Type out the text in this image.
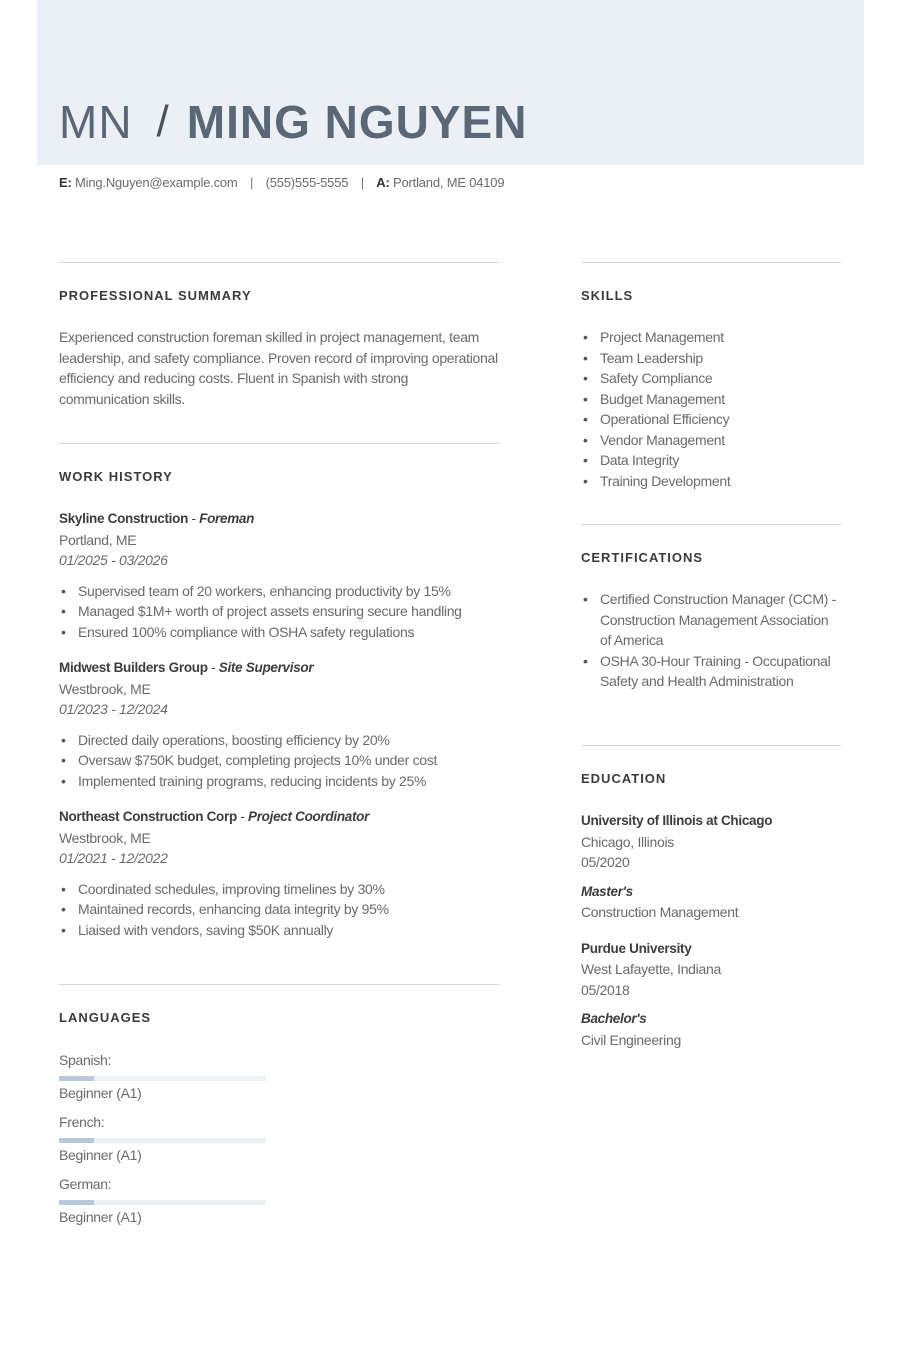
MN / MING NGUYEN
E: Ming.Nguyen@example.com | (555)555-5555 | A: Portland, ME 04109
PROFESSIONAL SUMMARY
Experienced construction foreman skilled in project management, team leadership, and safety compliance. Proven record of improving operational efficiency and reducing costs. Fluent in Spanish with strong communication skills.
WORK HISTORY
Skyline Construction - Foreman
Portland, ME
01/2025 - 03/2026
• Supervised team of 20 workers, enhancing productivity by 15%
• Managed $1M+ worth of project assets ensuring secure handling
• Ensured 100% compliance with OSHA safety regulations
Midwest Builders Group - Site Supervisor
Westbrook, ME
01/2023 - 12/2024
• Directed daily operations, boosting efficiency by 20%
• Oversaw $750K budget, completing projects 10% under cost
• Implemented training programs, reducing incidents by 25%
Northeast Construction Corp - Project Coordinator
Westbrook, ME
01/2021 - 12/2022
• Coordinated schedules, improving timelines by 30%
• Maintained records, enhancing data integrity by 95%
• Liaised with vendors, saving $50K annually
LANGUAGES
Spanish:
Beginner (A1)
French:
Beginner (A1)
German:
Beginner (A1)
SKILLS
• Project Management
• Team Leadership
• Safety Compliance
• Budget Management
• Operational Efficiency
• Vendor Management
• Data Integrity
• Training Development
CERTIFICATIONS
• Certified Construction Manager (CCM) - Construction Management Association of America
• OSHA 30-Hour Training - Occupational Safety and Health Administration
EDUCATION
University of Illinois at Chicago
Chicago, Illinois
05/2020
Master's
Construction Management
Purdue University
West Lafayette, Indiana
05/2018
Bachelor's
Civil Engineering
